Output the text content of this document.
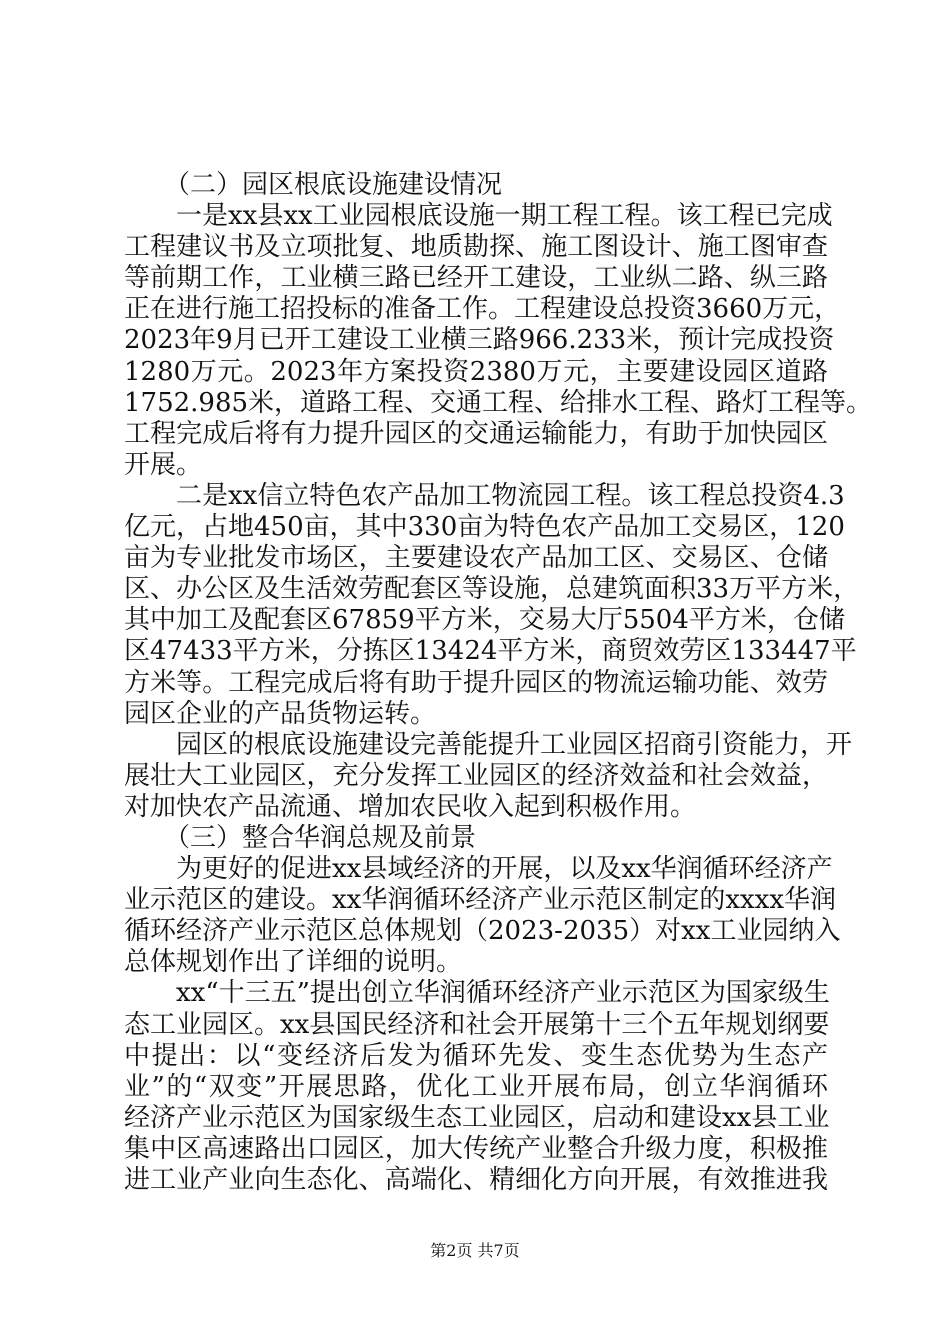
（二）园区根底设施建设情况
一是xx县xx工业园根底设施一期工程工程。该工程已完成
工程建议书及立项批复、地质勘探、施工图设计、施工图审查
等前期工作，工业横三路已经开工建设，工业纵二路、纵三路
正在进行施工招投标的准备工作。工程建设总投资3660万元，
2023年9月已开工建设工业横三路966.233米，预计完成投资
1280万元。2023年方案投资2380万元，主要建设园区道路
1752.985米，道路工程、交通工程、给排水工程、路灯工程等。
工程完成后将有力提升园区的交通运输能力，有助于加快园区
开展。
二是xx信立特色农产品加工物流园工程。该工程总投资4.3
亿元，占地450亩，其中330亩为特色农产品加工交易区，120
亩为专业批发市场区，主要建设农产品加工区、交易区、仓储
区、办公区及生活效劳配套区等设施，总建筑面积33万平方米，
其中加工及配套区67859平方米，交易大厅5504平方米，仓储
区47433平方米，分拣区13424平方米，商贸效劳区133447平
方米等。工程完成后将有助于提升园区的物流运输功能、效劳
园区企业的产品货物运转。
园区的根底设施建设完善能提升工业园区招商引资能力，开
展壮大工业园区，充分发挥工业园区的经济效益和社会效益，
对加快农产品流通、增加农民收入起到积极作用。
（三）整合华润总规及前景
为更好的促进xx县域经济的开展，以及xx华润循环经济产
业示范区的建设。xx华润循环经济产业示范区制定的xxxx华润
循环经济产业示范区总体规划（2023-2035）对xx工业园纳入
总体规划作出了详细的说明。
xx“十三五”提出创立华润循环经济产业示范区为国家级生
态工业园区。xx县国民经济和社会开展第十三个五年规划纲要
中提出：以“变经济后发为循环先发、变生态优势为生态产
业”的“双变”开展思路，优化工业开展布局，创立华润循环
经济产业示范区为国家级生态工业园区，启动和建设xx县工业
集中区高速路出口园区，加大传统产业整合升级力度，积极推
进工业产业向生态化、高端化、精细化方向开展，有效推进我
第2页 共7页
